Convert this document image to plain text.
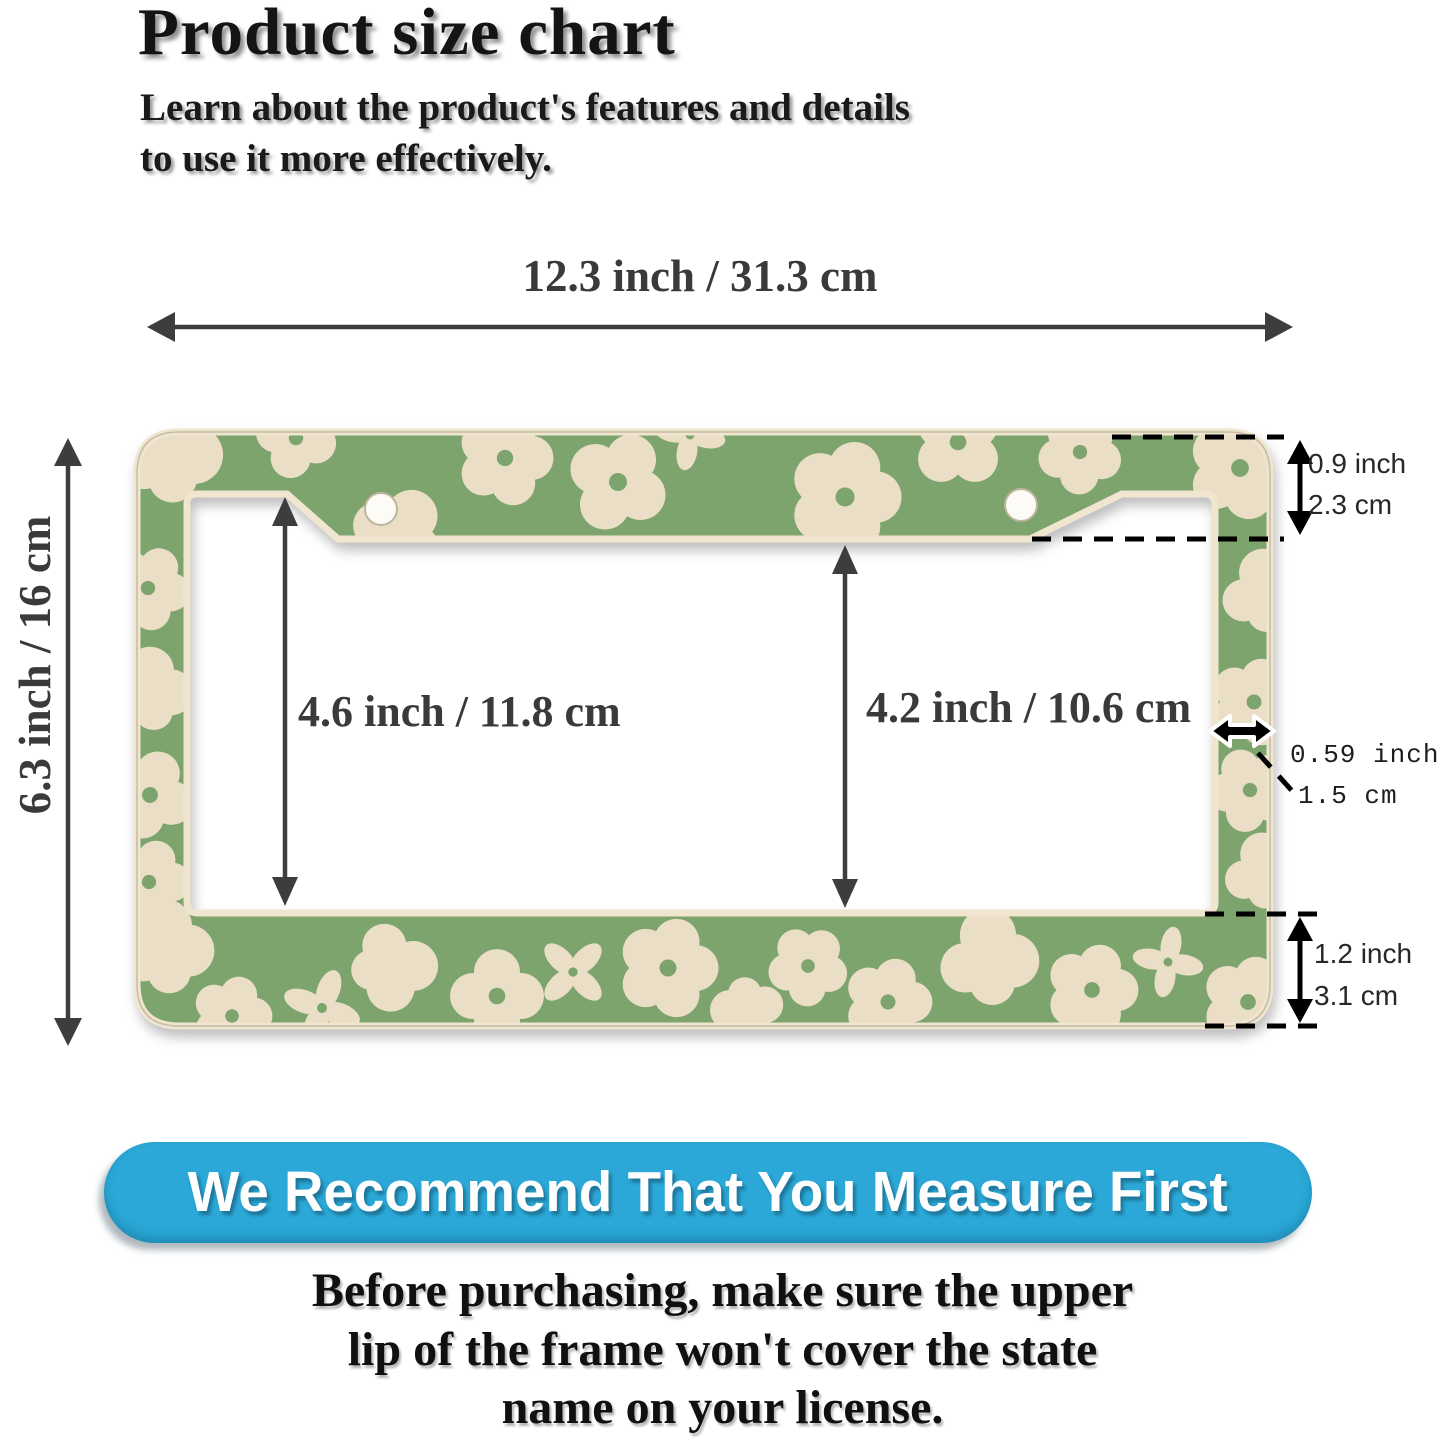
Product size chart
Learn about the product's features and details
to use it more effectively.
12.3 inch / 31.3 cm
6.3 inch / 16 cm	4.6 inch / 11.8 cm	4.2 inch / 10.6 cm
0.9 inch
2.3 cm
0.59 inch
1.5 cm
1.2 inch
3.1 cm
We Recommend That You Measure First
Before purchasing, make sure the upper
lip of the frame won't cover the state
name on your license.
